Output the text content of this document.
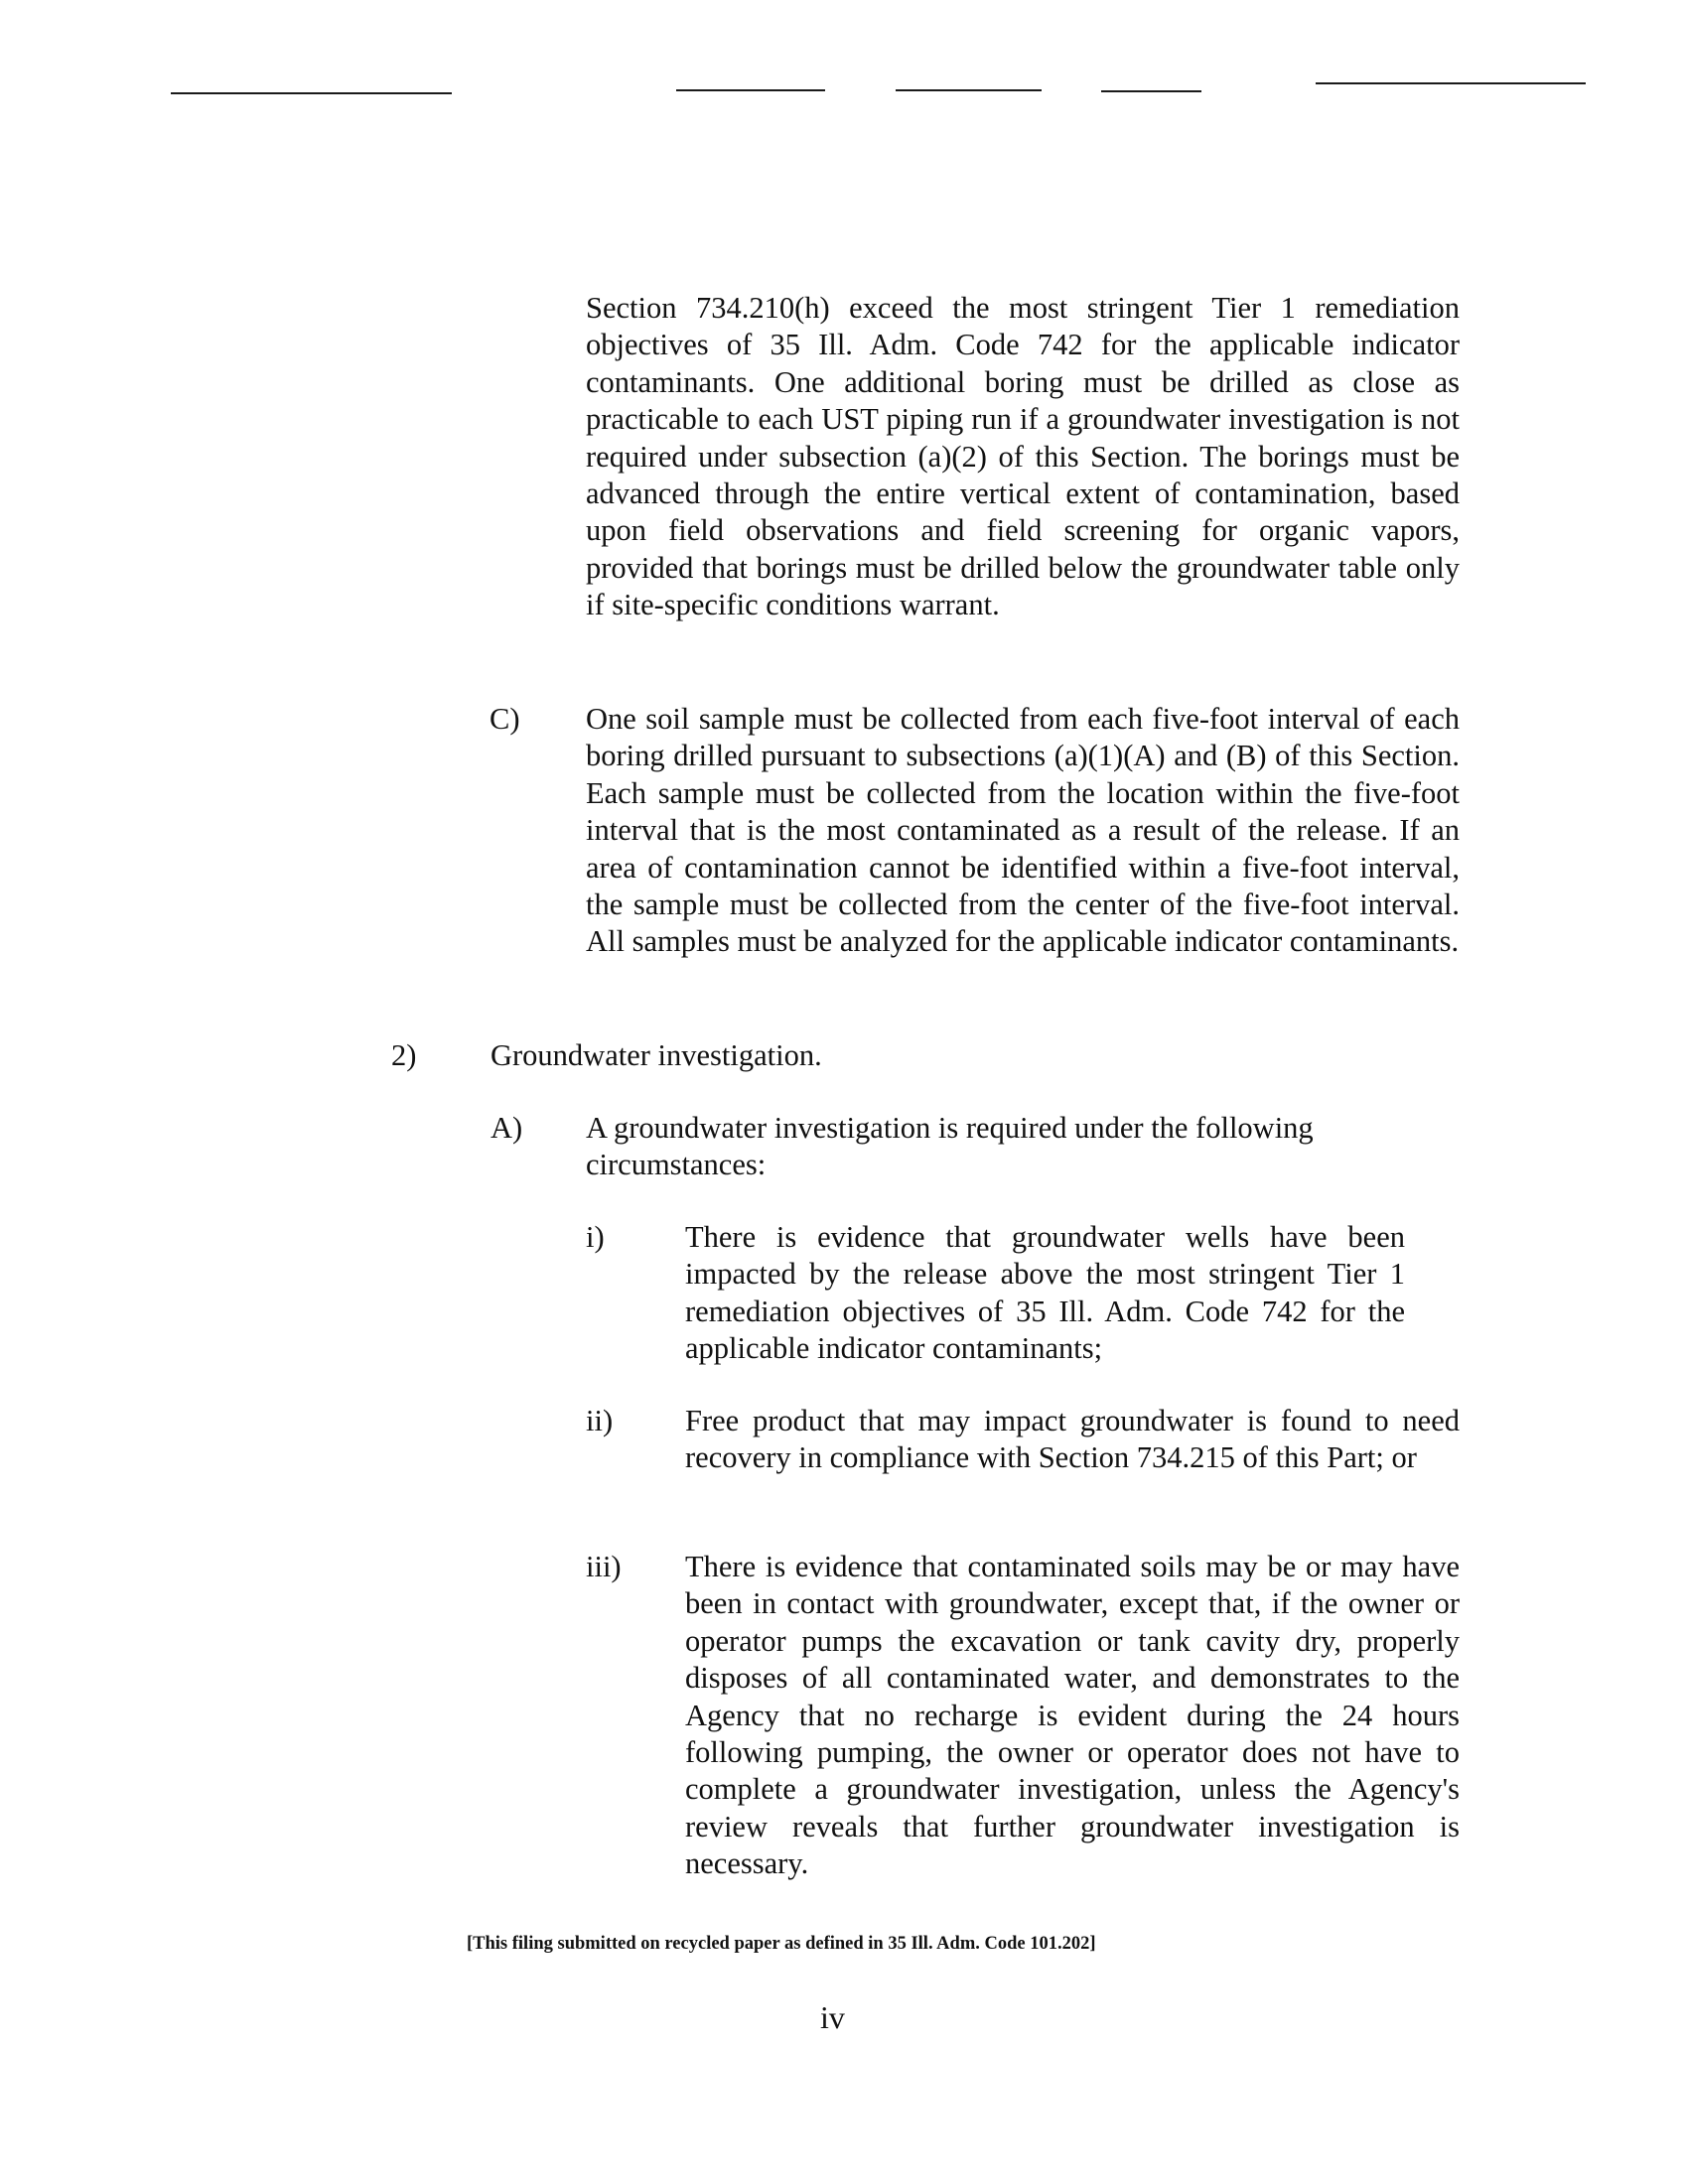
Section 734.210(h) exceed the most stringent Tier 1 remediation objectives of 35 Ill. Adm. Code 742 for the applicable indicator contaminants. One additional boring must be drilled as close as practicable to each UST piping run if a groundwater investigation is not required under subsection (a)(2) of this Section. The borings must be advanced through the entire vertical extent of contamination, based upon field observations and field screening for organic vapors, provided that borings must be drilled below the groundwater table only if site-specific conditions warrant.
C) One soil sample must be collected from each five-foot interval of each boring drilled pursuant to subsections (a)(1)(A) and (B) of this Section. Each sample must be collected from the location within the five-foot interval that is the most contaminated as a result of the release. If an area of contamination cannot be identified within a five-foot interval, the sample must be collected from the center of the five-foot interval. All samples must be analyzed for the applicable indicator contaminants.
2) Groundwater investigation.
A) A groundwater investigation is required under the following circumstances:
i)	There is evidence that groundwater wells have been impacted by the release above the most stringent Tier 1 remediation objectives of 35 Ill. Adm. Code 742 for the applicable indicator contaminants;
ii) Free product that may impact groundwater is found to need recovery in compliance with Section 734.215 of this Part; or
iii) There is evidence that contaminated soils may be or may have been in contact with groundwater, except that, if the owner or operator pumps the excavation or tank cavity dry, properly disposes of all contaminated water, and demonstrates to the Agency that no recharge is evident during the 24 hours following pumping, the owner or operator does not have to complete a groundwater investigation, unless the Agency's review reveals that further groundwater investigation is necessary.
[This filing submitted on recycled paper as defined in 35 Ill. Adm. Code 101.202]
iv
